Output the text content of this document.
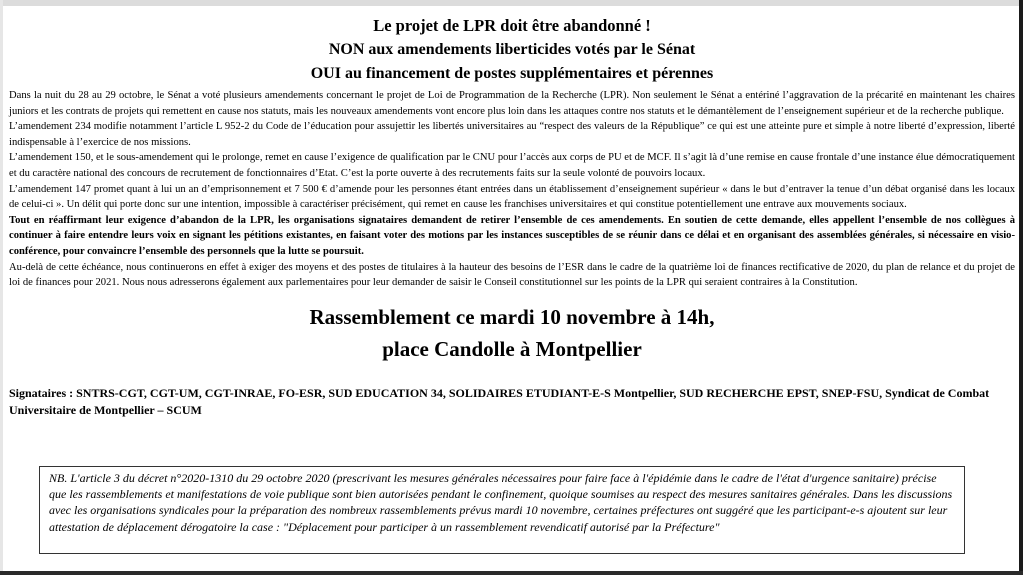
Le projet de LPR doit être abandonné !
NON aux amendements liberticides votés par le Sénat
OUI au financement de postes supplémentaires et pérennes

Dans la nuit du 28 au 29 octobre, le Sénat a voté plusieurs amendements concernant le projet de Loi de Programmation de la Recherche (LPR). Non seulement le Sénat a entériné l’aggravation de la précarité en maintenant les chaires juniors et les contrats de projets qui remettent en cause nos statuts, mais les nouveaux amendements vont encore plus loin dans les attaques contre nos statuts et le démantèlement de l’enseignement supérieur et de la recherche publique.

L’amendement 234 modifie notamment l’article L 952-2 du Code de l’éducation pour assujettir les libertés universitaires au “respect des valeurs de la République” ce qui est une atteinte pure et simple à notre liberté d’expression, liberté indispensable à l’exercice de nos missions.

L’amendement 150, et le sous-amendement qui le prolonge, remet en cause l’exigence de qualification par le CNU pour l’accès aux corps de PU et de MCF. Il s’agit là d’une remise en cause frontale d’une instance élue démocratiquement et du caractère national des concours de recrutement de fonctionnaires d’Etat. C’est la porte ouverte à des recrutements faits sur la seule volonté de pouvoirs locaux.

L’amendement 147 promet quant à lui un an d’emprisonnement et 7 500 € d’amende pour les personnes étant entrées dans un établissement d’enseignement supérieur « dans le but d’entraver la tenue d’un débat organisé dans les locaux de celui-ci ». Un délit qui porte donc sur une intention, impossible à caractériser précisément, qui remet en cause les franchises universitaires et qui constitue potentiellement une entrave aux mouvements sociaux.

Tout en réaffirmant leur exigence d’abandon de la LPR, les organisations signataires demandent de retirer l’ensemble de ces amendements. En soutien de cette demande, elles appellent l’ensemble de nos collègues à continuer à faire entendre leurs voix en signant les pétitions existantes, en faisant voter des motions par les instances susceptibles de se réunir dans ce délai et en organisant des assemblées générales, si nécessaire en visio-conférence, pour convaincre l’ensemble des personnels que la lutte se poursuit.

Au-delà de cette échéance, nous continuerons en effet à exiger des moyens et des postes de titulaires à la hauteur des besoins de l’ESR dans le cadre de la quatrième loi de finances rectificative de 2020, du plan de relance et du projet de loi de finances pour 2021. Nous nous adresserons également aux parlementaires pour leur demander de saisir le Conseil constitutionnel sur les points de la LPR qui seraient contraires à la Constitution.

Rassemblement ce mardi 10 novembre à 14h,
place Candolle à Montpellier
Signataires : SNTRS-CGT, CGT-UM, CGT-INRAE, FO-ESR, SUD EDUCATION 34, SOLIDAIRES ETUDIANT-E-S Montpellier, SUD RECHERCHE EPST, SNEP-FSU, Syndicat de Combat Universitaire de Montpellier – SCUM
NB. L'article 3 du décret n°2020-1310 du 29 octobre 2020 (prescrivant les mesures générales nécessaires pour faire face à l'épidémie dans le cadre de l'état d'urgence sanitaire) précise que les rassemblements et manifestations de voie publique sont bien autorisées pendant le confinement, quoique soumises au respect des mesures sanitaires générales. Dans les discussions avec les organisations syndicales pour la préparation des nombreux rassemblements prévus mardi 10 novembre, certaines préfectures ont suggéré que les participant-e-s ajoutent sur leur attestation de déplacement dérogatoire la case : "Déplacement pour participer à un rassemblement revendicatif autorisé par la Préfecture"
